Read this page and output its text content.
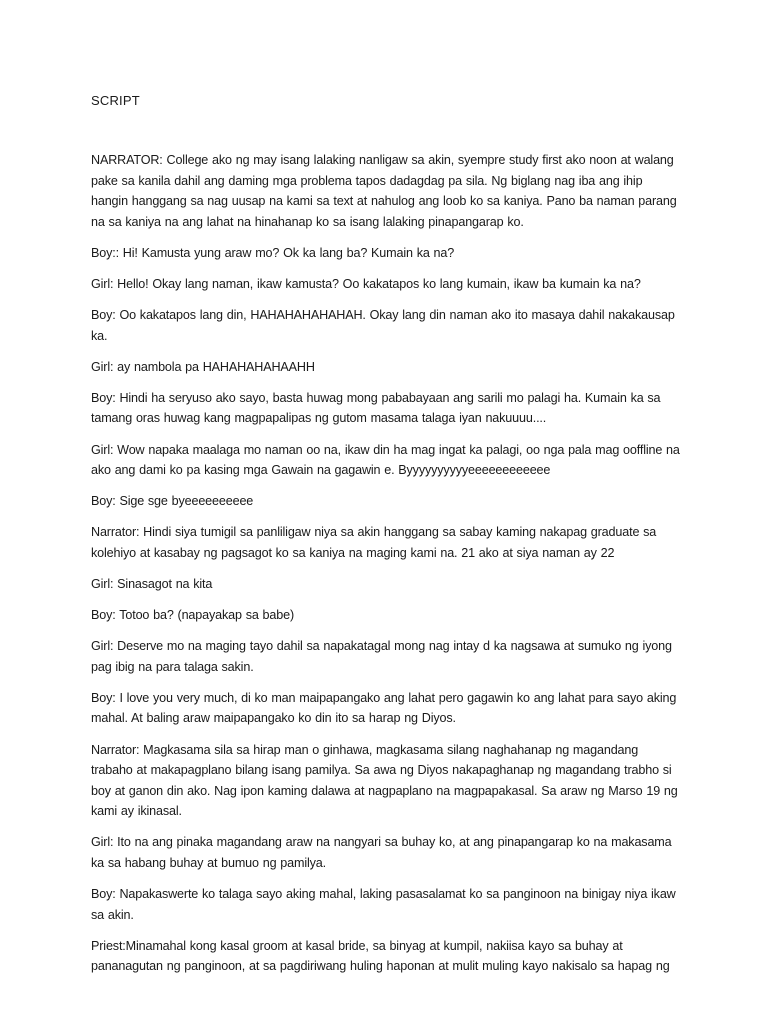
SCRIPT

NARRATOR: College ako ng may isang lalaking nanligaw sa akin, syempre study first ako noon at walang pake sa kanila dahil ang daming mga problema tapos dadagdag pa sila. Ng biglang nag iba ang ihip hangin hanggang sa nag uusap na kami sa text at nahulog ang loob ko sa kaniya. Pano ba naman parang na sa kaniya na ang lahat na hinahanap ko sa isang lalaking pinapangarap ko.

Boy:: Hi! Kamusta yung araw mo? Ok ka lang ba? Kumain ka na?

Girl: Hello! Okay lang naman, ikaw kamusta? Oo kakatapos ko lang kumain, ikaw ba kumain ka na?

Boy: Oo kakatapos lang din, HAHAHAHAHAHAH. Okay lang din naman ako ito masaya dahil nakakausap ka.

Girl: ay nambola pa HAHAHAHAHAAHH

Boy: Hindi ha seryuso ako sayo, basta huwag mong pababayaan ang sarili mo palagi ha. Kumain ka sa tamang oras huwag kang magpapalipas ng gutom masama talaga iyan nakuuuu....

Girl: Wow napaka maalaga mo naman oo na, ikaw din ha mag ingat ka palagi, oo nga pala mag ooffline na ako ang dami ko pa kasing mga Gawain na gagawin e. Byyyyyyyyyyeeeeeeeeeeee

Boy: Sige sge byeeeeeeeeee

Narrator: Hindi siya tumigil sa panliligaw niya sa akin hanggang sa sabay kaming nakapag graduate sa kolehiyo at kasabay ng pagsagot ko sa kaniya na maging kami na. 21 ako at siya naman ay 22

Girl: Sinasagot na kita

Boy: Totoo ba? (napayakap sa babe)

Girl: Deserve mo na maging tayo dahil sa napakatagal mong nag intay d ka nagsawa at sumuko ng iyong pag ibig na para talaga sakin.

Boy: I love you very much, di ko man maipapangako ang lahat pero gagawin ko ang lahat para sayo aking mahal. At baling araw maipapangako ko din ito sa harap ng Diyos.

Narrator: Magkasama sila sa hirap man o ginhawa, magkasama silang naghahanap ng magandang trabaho at makapagplano bilang isang pamilya. Sa awa ng Diyos nakapaghanap ng magandang trabho si boy at ganon din ako. Nag ipon kaming dalawa at nagpaplano na magpapakasal. Sa araw ng Marso 19 ng kami ay ikinasal.

Girl: Ito na ang pinaka magandang araw na nangyari sa buhay ko, at ang pinapangarap ko na makasama ka sa habang buhay at bumuo ng pamilya.

Boy: Napakaswerte ko talaga sayo aking mahal, laking pasasalamat ko sa panginoon na binigay niya ikaw sa akin.

Priest:Minamahal kong kasal groom at kasal bride, sa binyag at kumpil, nakiisa kayo sa buhay at pananagutan ng panginoon, at sa pagdiriwang huling haponan at mulit muling kayo nakisalo sa hapag ng
